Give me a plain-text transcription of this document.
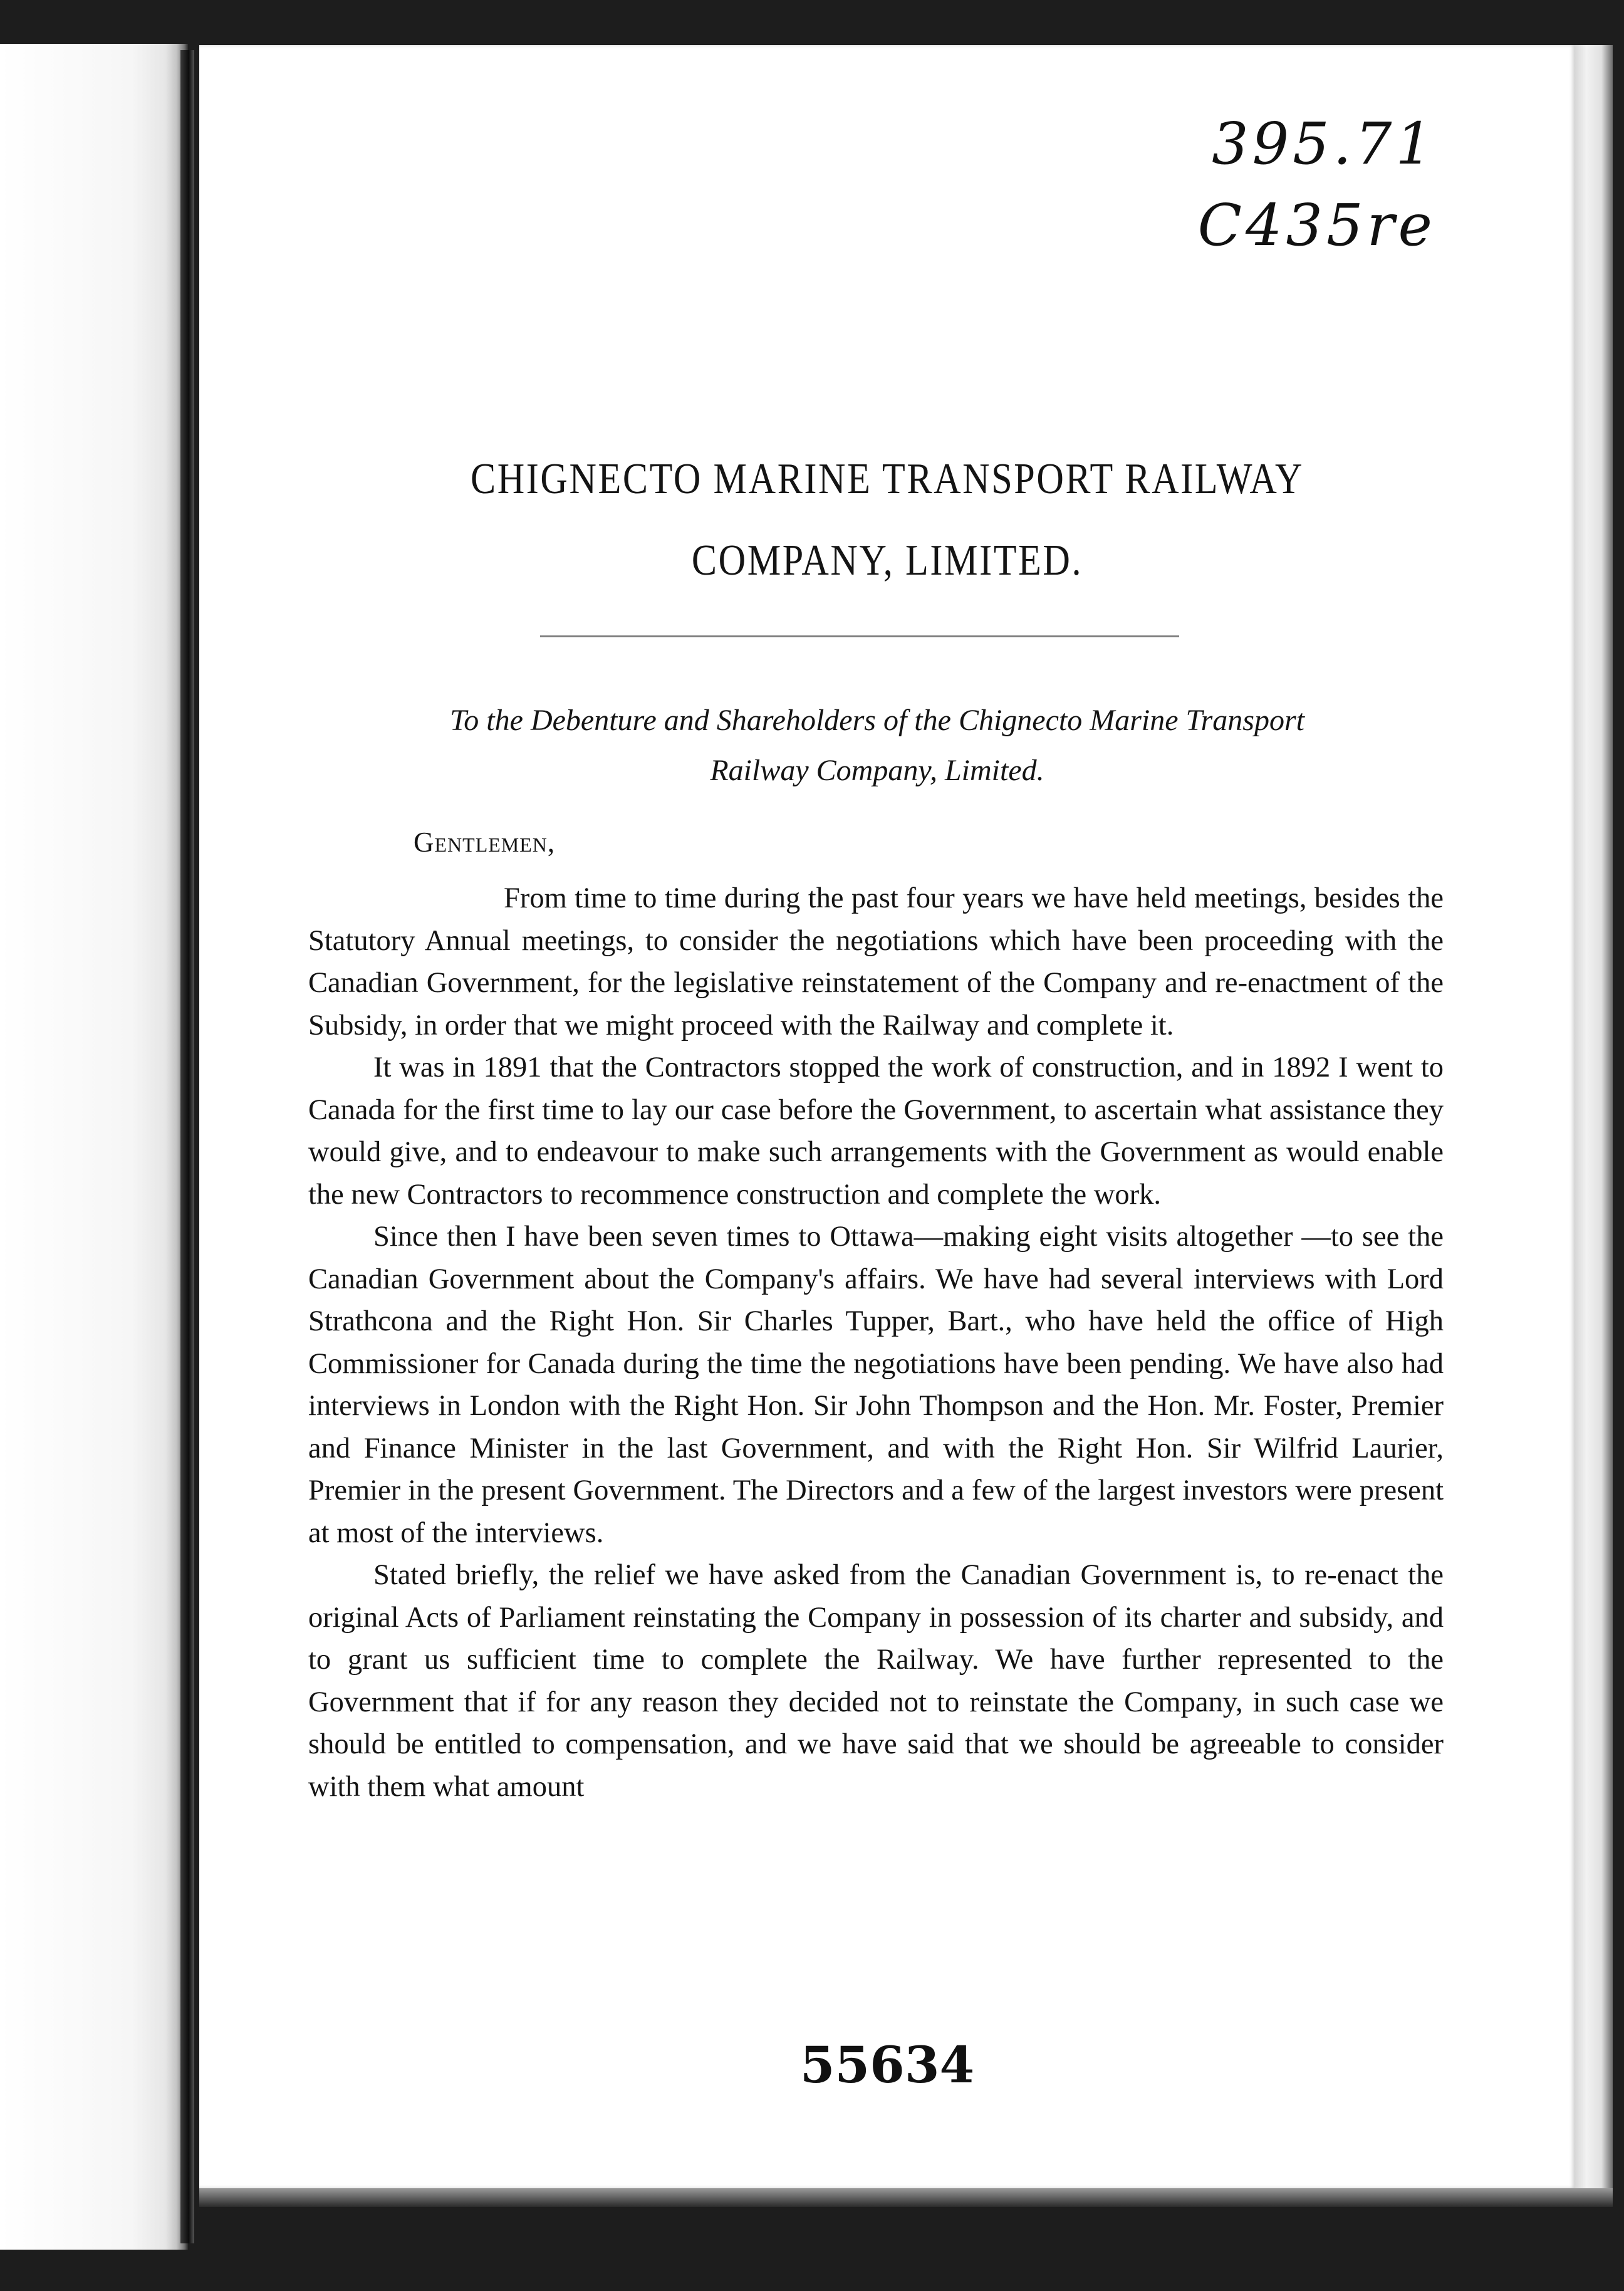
395.71
C435re
CHIGNECTO MARINE TRANSPORT RAILWAY
COMPANY, LIMITED.
To the Debenture and Shareholders of the Chignecto Marine Transport
Railway Company, Limited.
Gentlemen,

From time to time during the past four years we have held meetings, besides the Statutory Annual meetings, to consider the negotiations which have been proceeding with the Canadian Government, for the legislative reinstatement of the Company and re-enactment of the Subsidy, in order that we might proceed with the Railway and complete it.

It was in 1891 that the Contractors stopped the work of construction, and in 1892 I went to Canada for the first time to lay our case before the Government, to ascertain what assistance they would give, and to endeavour to make such arrangements with the Government as would enable the new Contractors to recommence construction and complete the work.

Since then I have been seven times to Ottawa—making eight visits altogether —to see the Canadian Government about the Company's affairs. We have had several interviews with Lord Strathcona and the Right Hon. Sir Charles Tupper, Bart., who have held the office of High Commissioner for Canada during the time the negotiations have been pending. We have also had interviews in London with the Right Hon. Sir John Thompson and the Hon. Mr. Foster, Premier and Finance Minister in the last Government, and with the Right Hon. Sir Wilfrid Laurier, Premier in the present Government. The Directors and a few of the largest investors were present at most of the interviews.

Stated briefly, the relief we have asked from the Canadian Government is, to re-enact the original Acts of Parliament reinstating the Company in possession of its charter and subsidy, and to grant us sufficient time to complete the Railway. We have further represented to the Government that if for any reason they decided not to reinstate the Company, in such case we should be entitled to compensation, and we have said that we should be agreeable to consider with them what amount

55634
